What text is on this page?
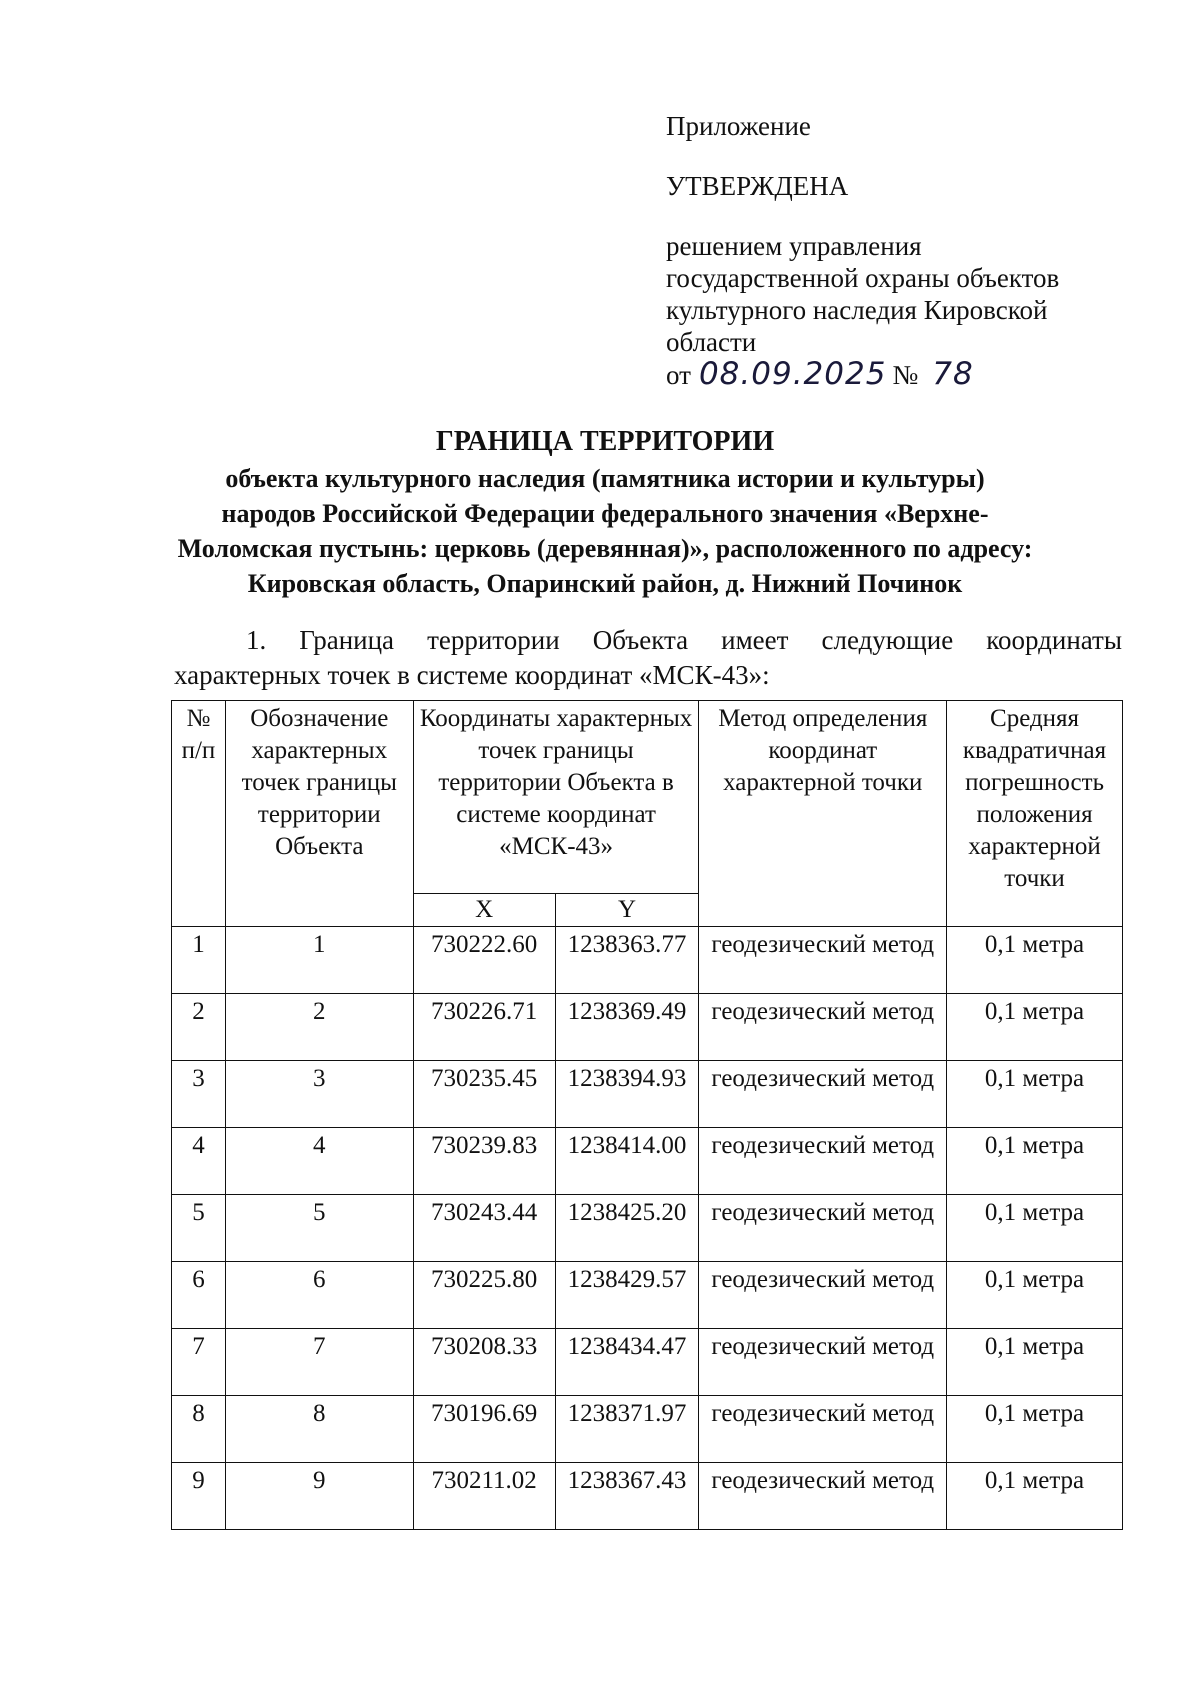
Приложение
УТВЕРЖДЕНА
решением управления
государственной охраны объектов
культурного наследия Кировской
области
от 08.09.2025 № 78
ГРАНИЦА ТЕРРИТОРИИ
объекта культурного наследия (памятника истории и культуры)
народов Российской Федерации федерального значения «Верхне-
Моломская пустынь: церковь (деревянная)», расположенного по адресу:
Кировская область, Опаринский район, д. Нижний Починок
1. Граница территории Объекта имеет следующие координаты
характерных точек в системе координат «МСК-43»:
№ п/п	Обозначение характерных точек границы территории Объекта	Координаты характерных точек границы территории Объекта в системе координат «МСК-43»		Метод определения координат характерной точки	Средняя квадратичная погрешность положения характерной точки
		X	Y		
1	1	730222.60	1238363.77	геодезический метод	0,1 метра
2	2	730226.71	1238369.49	геодезический метод	0,1 метра
3	3	730235.45	1238394.93	геодезический метод	0,1 метра
4	4	730239.83	1238414.00	геодезический метод	0,1 метра
5	5	730243.44	1238425.20	геодезический метод	0,1 метра
6	6	730225.80	1238429.57	геодезический метод	0,1 метра
7	7	730208.33	1238434.47	геодезический метод	0,1 метра
8	8	730196.69	1238371.97	геодезический метод	0,1 метра
9	9	730211.02	1238367.43	геодезический метод	0,1 метра
